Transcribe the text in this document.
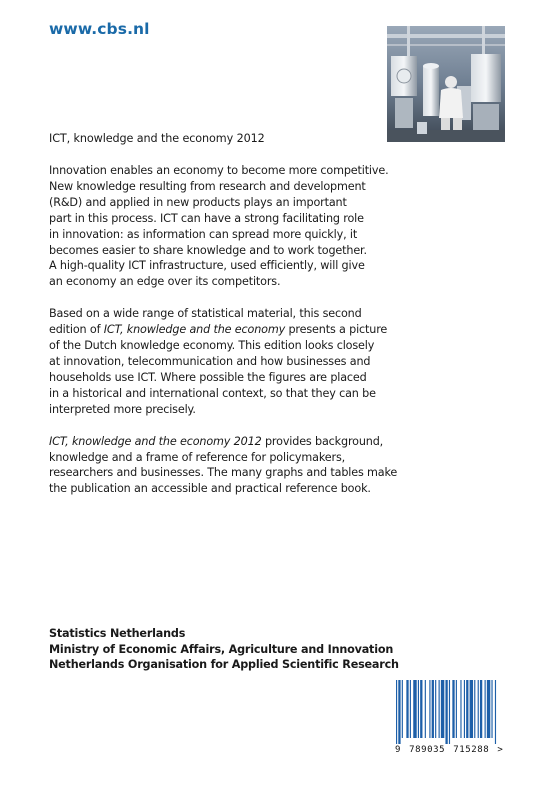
www.cbs.nl
ICT, knowledge and the economy 2012

Innovation enables an economy to become more competitive.
New knowledge resulting from research and development
(R&D) and applied in new products plays an important
part in this process. ICT can have a strong facilitating role
in innovation: as information can spread more quickly, it
becomes easier to share knowledge and to work together.
A high-quality ICT infrastructure, used efficiently, will give
an economy an edge over its competitors.

Based on a wide range of statistical material, this second
edition of ICT, knowledge and the economy presents a picture
of the Dutch knowledge economy. This edition looks closely
at innovation, telecommunication and how businesses and
households use ICT. Where possible the figures are placed
in a historical and international context, so that they can be
interpreted more precisely.

ICT, knowledge and the economy 2012 provides background,
knowledge and a frame of reference for policymakers,
researchers and businesses. The many graphs and tables make
the publication an accessible and practical reference book.

Statistics Netherlands
Ministry of Economic Affairs, Agriculture and Innovation
Netherlands Organisation for Applied Scientific Research
9 789035 715288 >
